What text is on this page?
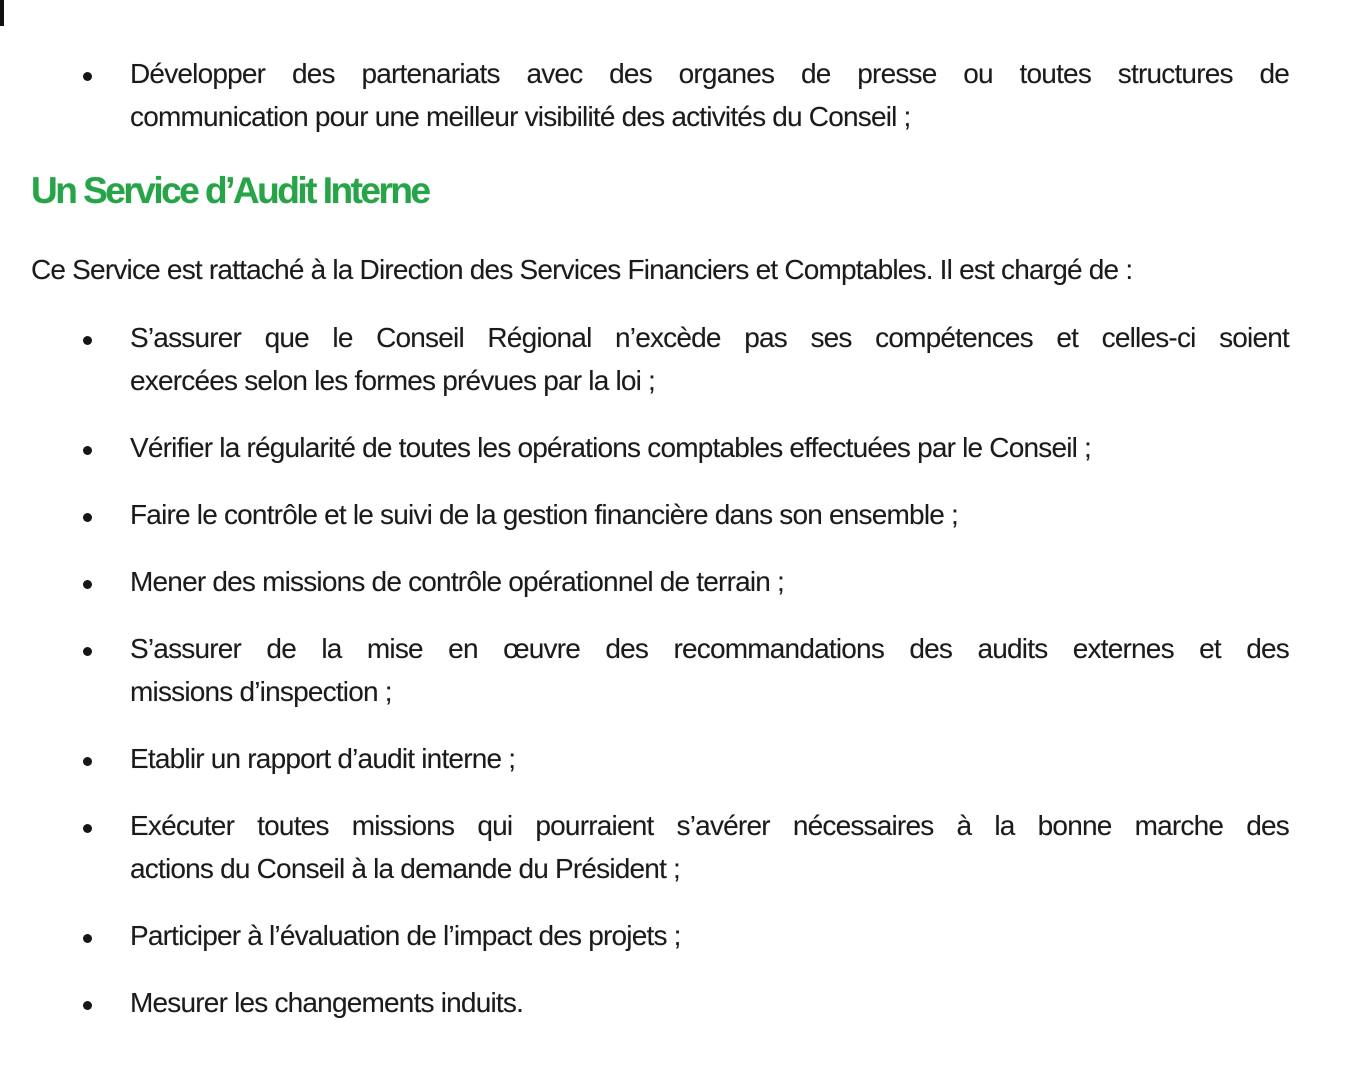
Développer des partenariats avec des organes de presse ou toutes structures de
communication pour une meilleur visibilité des activités du Conseil ;
Un Service d’Audit Interne

Ce Service est rattaché à la Direction des Services Financiers et Comptables. Il est chargé de :

S’assurer que le Conseil Régional n’excède pas ses compétences et celles-ci soient
exercées selon les formes prévues par la loi ;
Vérifier la régularité de toutes les opérations comptables effectuées par le Conseil ;
Faire le contrôle et le suivi de la gestion financière dans son ensemble ;
Mener des missions de contrôle opérationnel de terrain ;
S’assurer de la mise en œuvre des recommandations des audits externes et des
missions d’inspection ;
Etablir un rapport d’audit interne ;
Exécuter toutes missions qui pourraient s’avérer nécessaires à la bonne marche des
actions du Conseil à la demande du Président ;
Participer à l’évaluation de l’impact des projets ;
Mesurer les changements induits.
